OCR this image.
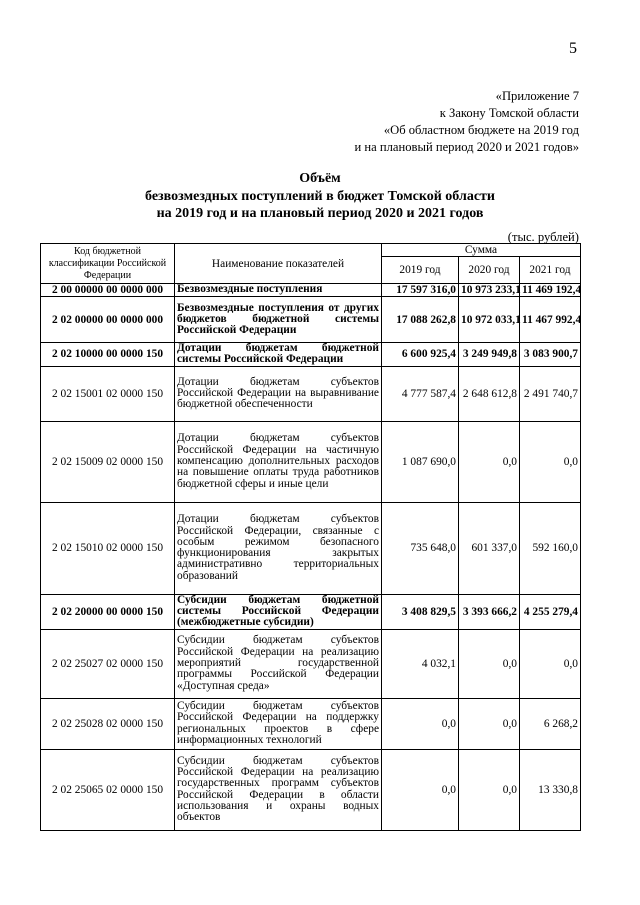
5
«Приложение 7
к Закону Томской области
«Об областном бюджете на 2019 год
и на плановый период 2020 и 2021 годов»
Объём
безвозмездных поступлений в бюджет Томской области
на 2019 год и на плановый период 2020 и 2021 годов
(тыс. рублей)
Код бюджетной классификации Российской Федерации	Наименование показателей	Сумма		
		2019 год	2020 год	2021 год
2 00 00000 00 0000 000	Безвозмездные поступления	17 597 316,0	10 973 233,1	11 469 192,4
2 02 00000 00 0000 000	Безвозмездные поступления от других бюджетов бюджетной системы Российской Федерации	17 088 262,8	10 972 033,1	11 467 992,4
2 02 10000 00 0000 150	Дотации бюджетам бюджетной системы Российской Федерации	6 600 925,4	3 249 949,8	3 083 900,7
2 02 15001 02 0000 150	Дотации бюджетам субъектов Российской Федерации на выравнивание бюджетной обеспеченности	4 777 587,4	2 648 612,8	2 491 740,7
2 02 15009 02 0000 150	Дотации бюджетам субъектов Российской Федерации на частичную компенсацию дополнительных расходов на повышение оплаты труда работников бюджетной сферы и иные цели	1 087 690,0	0,0	0,0
2 02 15010 02 0000 150	Дотации бюджетам субъектов Российской Федерации, связанные с особым режимом безопасного функционирования закрытых административно территориальных образований	735 648,0	601 337,0	592 160,0
2 02 20000 00 0000 150	Субсидии бюджетам бюджетной системы Российской Федерации (межбюджетные субсидии)	3 408 829,5	3 393 666,2	4 255 279,4
2 02 25027 02 0000 150	Субсидии бюджетам субъектов Российской Федерации на реализацию мероприятий государственной программы Российской Федерации «Доступная среда»	4 032,1	0,0	0,0
2 02 25028 02 0000 150	Субсидии бюджетам субъектов Российской Федерации на поддержку региональных проектов в сфере информационных технологий	0,0	0,0	6 268,2
2 02 25065 02 0000 150	Субсидии бюджетам субъектов Российской Федерации на реализацию государственных программ субъектов Российской Федерации в области использования и охраны водных объектов	0,0	0,0	13 330,8
